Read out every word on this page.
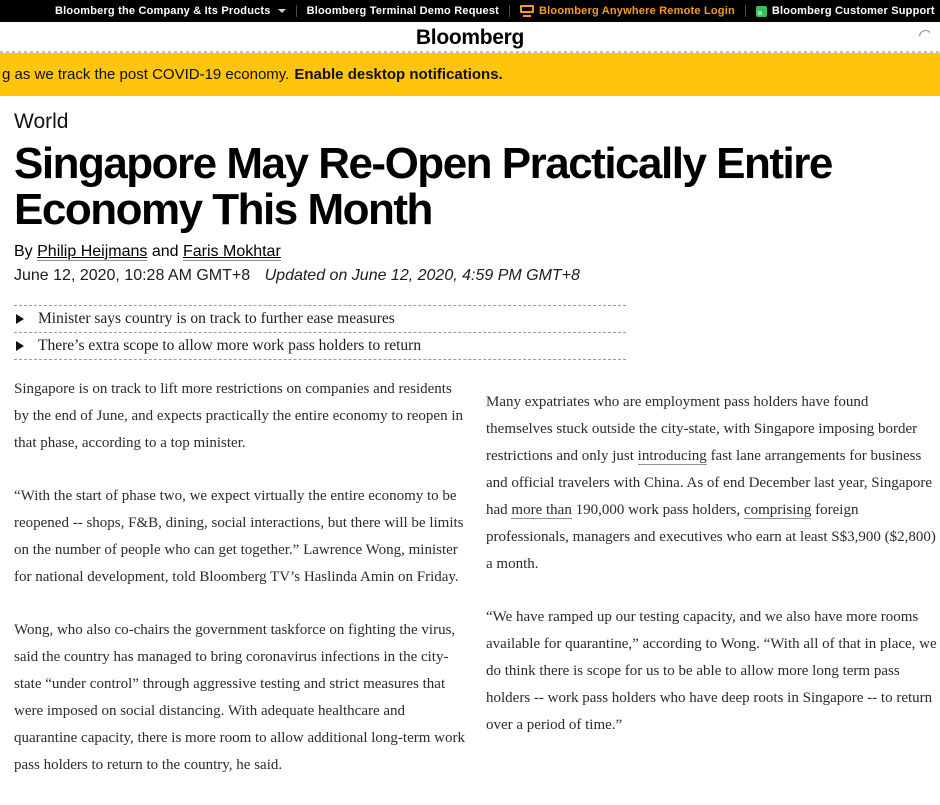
Bloomberg the Company & Its Products	Bloomberg Terminal Demo Request	Bloomberg Anywhere Remote Login	Bloomberg Customer Support
Bloomberg
g as we track the post COVID-19 economy. Enable desktop notifications.
World
Singapore May Re-Open Practically Entire Economy This Month
By Philip Heijmans and Faris Mokhtar
June 12, 2020, 10:28 AM GMT+8 Updated on June 12, 2020, 4:59 PM GMT+8
Minister says country is on track to further ease measures
There’s extra scope to allow more work pass holders to return

Singapore is on track to lift more restrictions on companies and residents by the end of June, and expects practically the entire economy to reopen in that phase, according to a top minister.

“With the start of phase two, we expect virtually the entire economy to be reopened -- shops, F&B, dining, social interactions, but there will be limits on the number of people who can get together.” Lawrence Wong, minister for national development, told Bloomberg TV’s Haslinda Amin on Friday.

Wong, who also co-chairs the government taskforce on fighting the virus, said the country has managed to bring coronavirus infections in the city-state “under control” through aggressive testing and strict measures that were imposed on social distancing. With adequate healthcare and quarantine capacity, there is more room to allow additional long-term work pass holders to return to the country, he said.

Many expatriates who are employment pass holders have found themselves stuck outside the city-state, with Singapore imposing border restrictions and only just introducing fast lane arrangements for business and official travelers with China. As of end December last year, Singapore had more than 190,000 work pass holders, comprising foreign professionals, managers and executives who earn at least S$3,900 ($2,800) a month.

“We have ramped up our testing capacity, and we also have more rooms available for quarantine,” according to Wong. “With all of that in place, we do think there is scope for us to be able to allow more long term pass holders -- work pass holders who have deep roots in Singapore -- to return over a period of time.”
